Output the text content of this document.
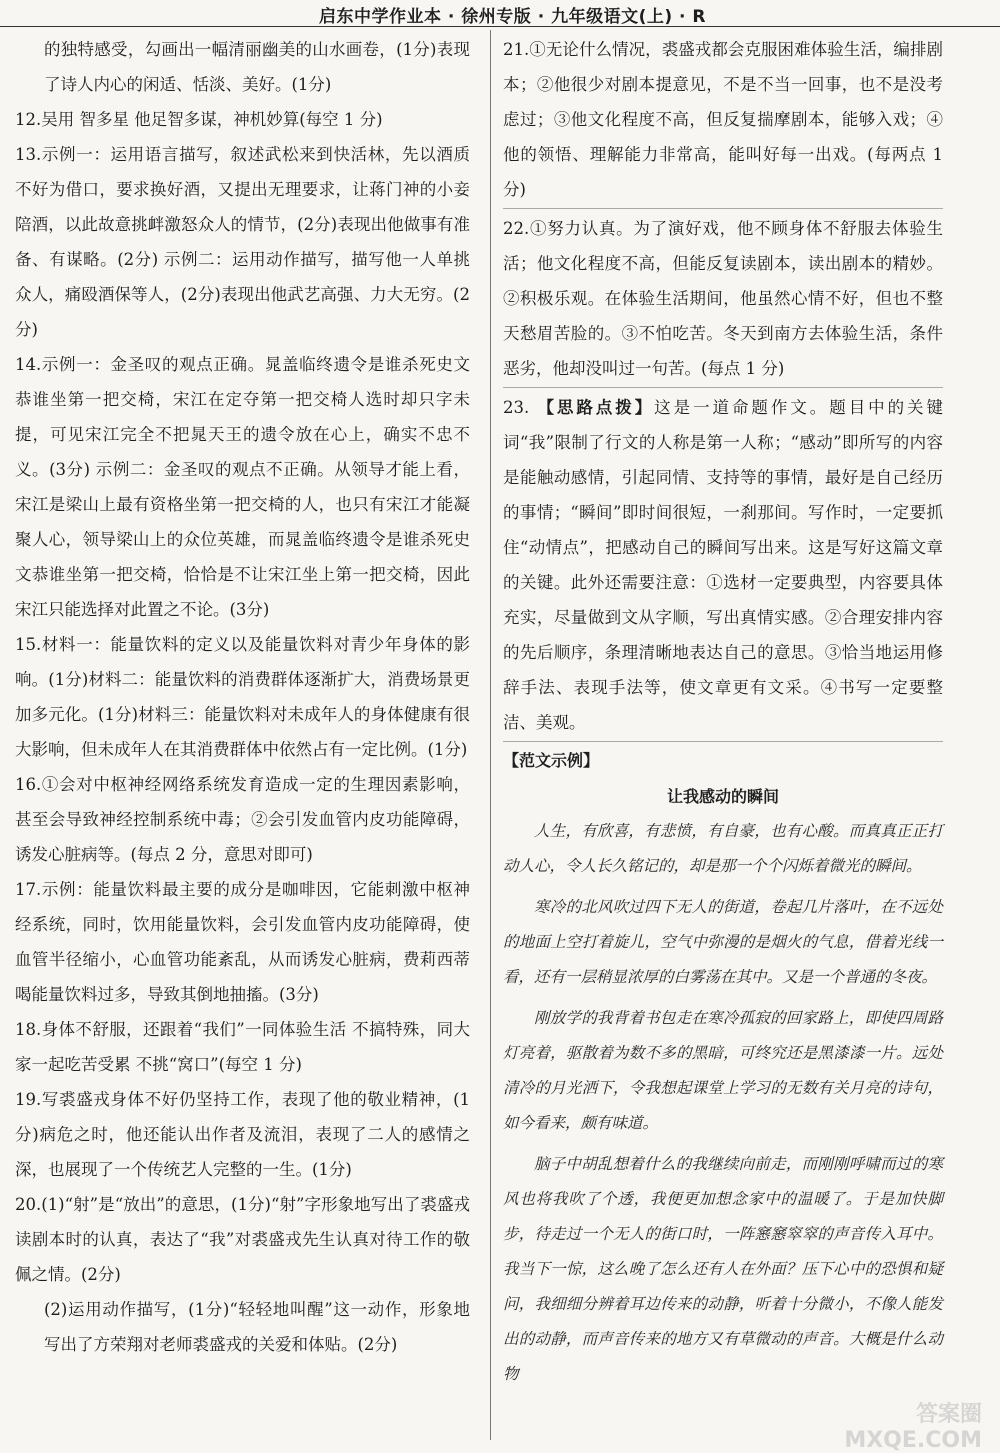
启东中学作业本 · 徐州专版 · 九年级语文(上) · R
的独特感受，勾画出一幅清丽幽美的山水画卷，(1分)表现了诗人内心的闲适、恬淡、美好。(1分)
12.吴用 智多星 他足智多谋，神机妙算(每空 1 分)
13.示例一：运用语言描写，叙述武松来到快活林，先以酒质不好为借口，要求换好酒，又提出无理要求，让蒋门神的小妾陪酒，以此故意挑衅激怒众人的情节，(2分)表现出他做事有准备、有谋略。(2分) 示例二：运用动作描写，描写他一人单挑众人，痛殴酒保等人，(2分)表现出他武艺高强、力大无穷。(2分)
14.示例一：金圣叹的观点正确。晁盖临终遗令是谁杀死史文恭谁坐第一把交椅，宋江在定夺第一把交椅人选时却只字未提，可见宋江完全不把晁天王的遗令放在心上，确实不忠不义。(3分) 示例二：金圣叹的观点不正确。从领导才能上看，宋江是梁山上最有资格坐第一把交椅的人，也只有宋江才能凝聚人心，领导梁山上的众位英雄，而晁盖临终遗令是谁杀死史文恭谁坐第一把交椅，恰恰是不让宋江坐上第一把交椅，因此宋江只能选择对此置之不论。(3分)
15.材料一：能量饮料的定义以及能量饮料对青少年身体的影响。(1分)材料二：能量饮料的消费群体逐渐扩大，消费场景更加多元化。(1分)材料三：能量饮料对未成年人的身体健康有很大影响，但未成年人在其消费群体中依然占有一定比例。(1分)
16.①会对中枢神经网络系统发育造成一定的生理因素影响，甚至会导致神经控制系统中毒；②会引发血管内皮功能障碍，诱发心脏病等。(每点 2 分，意思对即可)
17.示例：能量饮料最主要的成分是咖啡因，它能刺激中枢神经系统，同时，饮用能量饮料，会引发血管内皮功能障碍，使血管半径缩小，心血管功能紊乱，从而诱发心脏病，费莉西蒂喝能量饮料过多，导致其倒地抽搐。(3分)
18.身体不舒服，还跟着“我们”一同体验生活 不搞特殊，同大家一起吃苦受累 不挑“窝口”(每空 1 分)
19.写裘盛戎身体不好仍坚持工作，表现了他的敬业精神，(1分)病危之时，他还能认出作者及流泪，表现了二人的感情之深，也展现了一个传统艺人完整的一生。(1分)
20.(1)“射”是“放出”的意思，(1分)“射”字形象地写出了裘盛戎读剧本时的认真，表达了“我”对裘盛戎先生认真对待工作的敬佩之情。(2分)
(2)运用动作描写，(1分)“轻轻地叫醒”这一动作，形象地写出了方荣翔对老师裘盛戎的关爱和体贴。(2分)
21.①无论什么情况，裘盛戎都会克服困难体验生活，编排剧本；②他很少对剧本提意见，不是不当一回事，也不是没考虑过；③他文化程度不高，但反复揣摩剧本，能够入戏；④他的领悟、理解能力非常高，能叫好每一出戏。(每两点 1 分)
22.①努力认真。为了演好戏，他不顾身体不舒服去体验生活；他文化程度不高，但能反复读剧本，读出剧本的精妙。②积极乐观。在体验生活期间，他虽然心情不好，但也不整天愁眉苦脸的。③不怕吃苦。冬天到南方去体验生活，条件恶劣，他却没叫过一句苦。(每点 1 分)
23. 【思路点拨】这是一道命题作文。题目中的关键词“我”限制了行文的人称是第一人称；“感动”即所写的内容是能触动感情，引起同情、支持等的事情，最好是自己经历的事情；“瞬间”即时间很短，一刹那间。写作时，一定要抓住“动情点”，把感动自己的瞬间写出来。这是写好这篇文章的关键。此外还需要注意：①选材一定要典型，内容要具体充实，尽量做到文从字顺，写出真情实感。②合理安排内容的先后顺序，条理清晰地表达自己的意思。③恰当地运用修辞手法、表现手法等，使文章更有文采。④书写一定要整洁、美观。
【范文示例】
让我感动的瞬间

人生，有欣喜，有悲愤，有自豪，也有心酸。而真真正正打动人心，令人长久铭记的，却是那一个个闪烁着微光的瞬间。

寒冷的北风吹过四下无人的街道，卷起几片落叶，在不远处的地面上空打着旋儿，空气中弥漫的是烟火的气息，借着光线一看，还有一层稍显浓厚的白雾荡在其中。又是一个普通的冬夜。

刚放学的我背着书包走在寒冷孤寂的回家路上，即使四周路灯亮着，驱散着为数不多的黑暗，可终究还是黑漆漆一片。远处清冷的月光洒下，令我想起课堂上学习的无数有关月亮的诗句，如今看来，颇有味道。

脑子中胡乱想着什么的我继续向前走，而刚刚呼啸而过的寒风也将我吹了个透，我便更加想念家中的温暖了。于是加快脚步，待走过一个无人的街口时，一阵窸窸窣窣的声音传入耳中。我当下一惊，这么晚了怎么还有人在外面？压下心中的恐惧和疑问，我细细分辨着耳边传来的动静，听着十分微小，不像人能发出的动静，而声音传来的地方又有草微动的声音。大概是什么动物

答案圈
MXQE.COM
